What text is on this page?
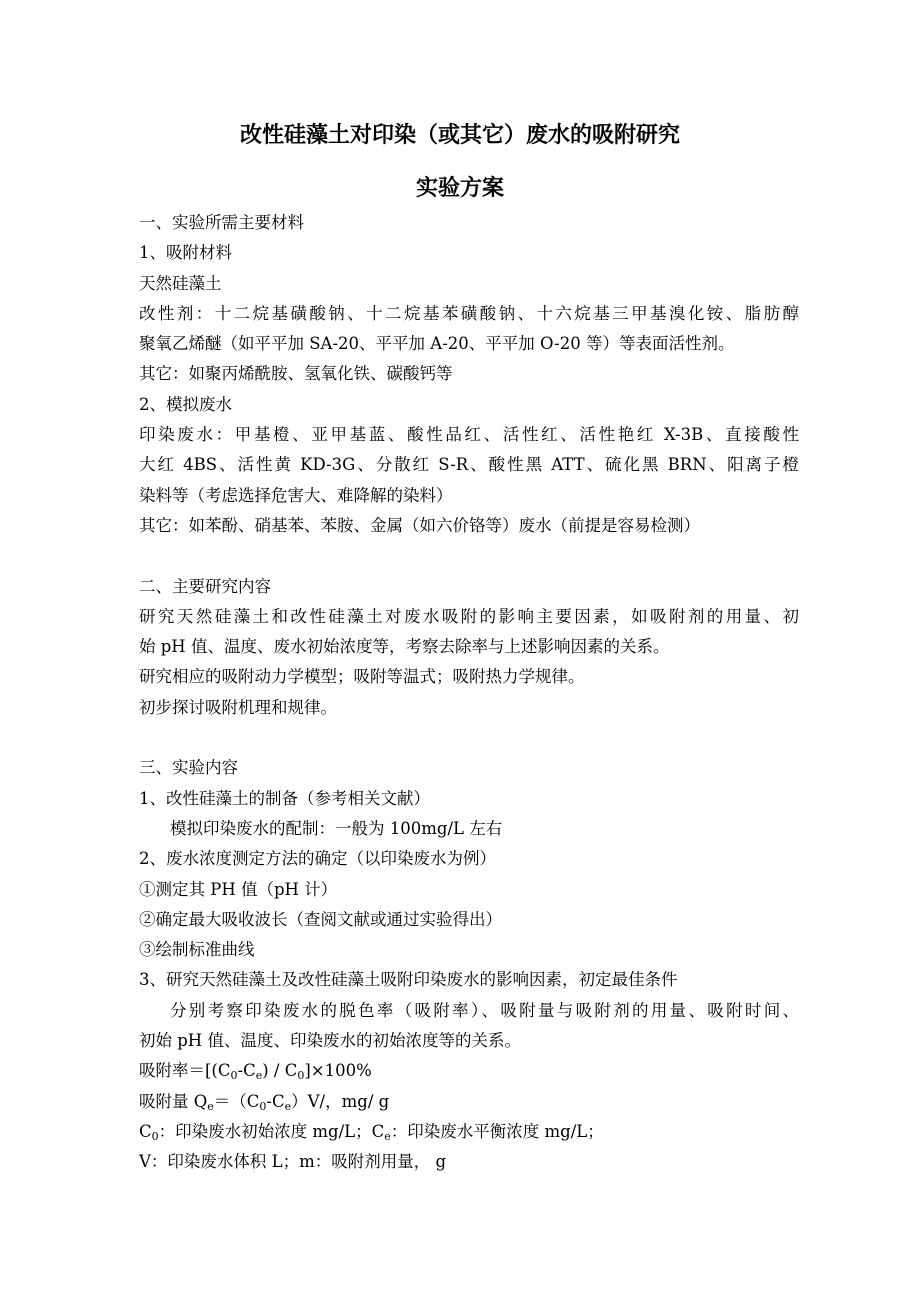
改性硅藻土对印染（或其它）废水的吸附研究
实验方案
一、实验所需主要材料
1、吸附材料
天然硅藻土
改性剂：十二烷基磺酸钠、十二烷基苯磺酸钠、十六烷基三甲基溴化铵、脂肪醇
聚氧乙烯醚（如平平加 SA-20、平平加 A-20、平平加 O-20 等）等表面活性剂。
其它：如聚丙烯酰胺、氢氧化铁、碳酸钙等
2、模拟废水
印染废水：甲基橙、亚甲基蓝、酸性品红、活性红、活性艳红 X-3B、直接酸性
大红 4BS、活性黄 KD-3G、分散红 S-R、酸性黑 ATT、硫化黑 BRN、阳离子橙
染料等（考虑选择危害大、难降解的染料）
其它：如苯酚、硝基苯、苯胺、金属（如六价铬等）废水（前提是容易检测）
二、主要研究内容
研究天然硅藻土和改性硅藻土对废水吸附的影响主要因素，如吸附剂的用量、初
始 pH 值、温度、废水初始浓度等，考察去除率与上述影响因素的关系。
研究相应的吸附动力学模型；吸附等温式；吸附热力学规律。
初步探讨吸附机理和规律。
三、实验内容
1、改性硅藻土的制备（参考相关文献）
模拟印染废水的配制：一般为 100mg/L 左右
2、废水浓度测定方法的确定（以印染废水为例）
①测定其 PH 值（pH 计）
②确定最大吸收波长（查阅文献或通过实验得出）
③绘制标准曲线
3、研究天然硅藻土及改性硅藻土吸附印染废水的影响因素，初定最佳条件
分别考察印染废水的脱色率（吸附率）、吸附量与吸附剂的用量、吸附时间、
初始 pH 值、温度、印染废水的初始浓度等的关系。
吸附率$=[(C_0-C_e) / C_0]\times 100\%$
吸附量 $Q_e=(C_0-C_e)V/$，mg/ g
$C_0$：印染废水初始浓度 mg/L；$C_e$：印染废水平衡浓度 mg/L；
V：印染废水体积 L；m：吸附剂用量， g
